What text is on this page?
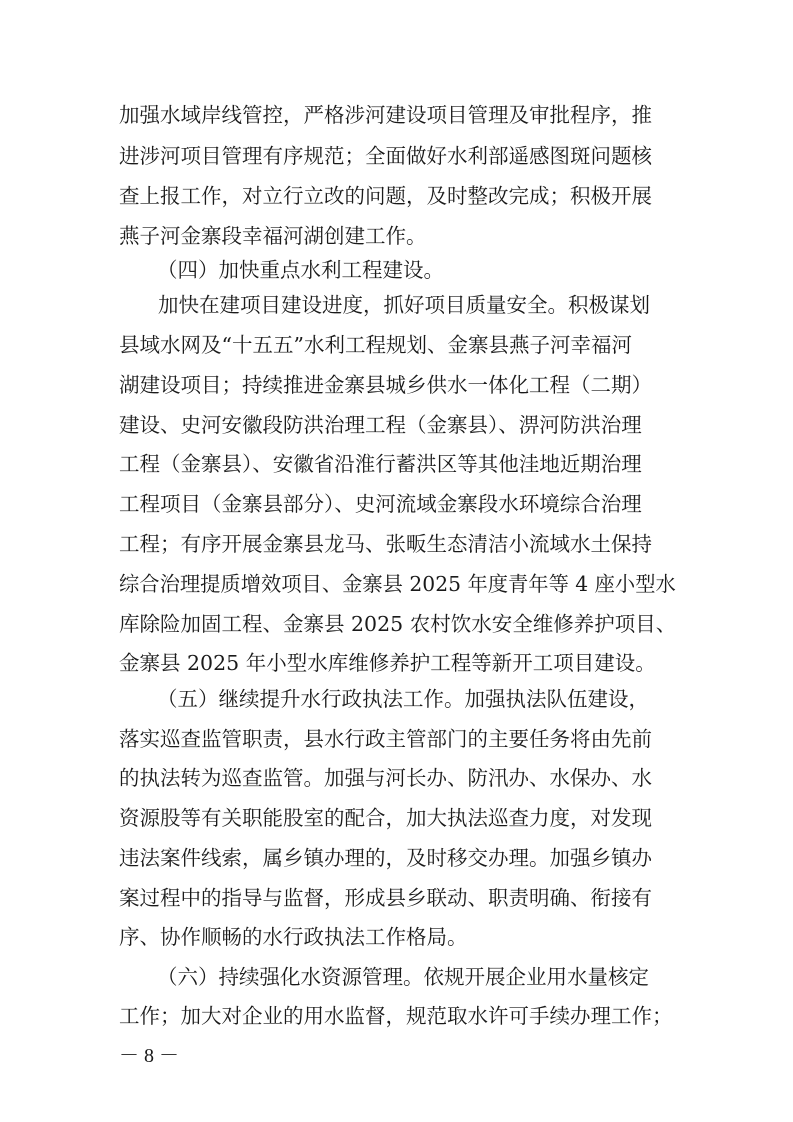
加强水域岸线管控，严格涉河建设项目管理及审批程序，推

进涉河项目管理有序规范；全面做好水利部遥感图斑问题核

查上报工作，对立行立改的问题，及时整改完成；积极开展

燕子河金寨段幸福河湖创建工作。

（四）加快重点水利工程建设。

加快在建项目建设进度，抓好项目质量安全。积极谋划

县域水网及“十五五”水利工程规划、金寨县燕子河幸福河

湖建设项目；持续推进金寨县城乡供水一体化工程（二期）

建设、史河安徽段防洪治理工程（金寨县）、淠河防洪治理

工程（金寨县）、安徽省沿淮行蓄洪区等其他洼地近期治理

工程项目（金寨县部分）、史河流域金寨段水环境综合治理

工程；有序开展金寨县龙马、张畈生态清洁小流域水土保持

综合治理提质增效项目、金寨县 2025 年度青年等 4 座小型水

库除险加固工程、金寨县 2025 农村饮水安全维修养护项目、

金寨县 2025 年小型水库维修养护工程等新开工项目建设。

（五）继续提升水行政执法工作。加强执法队伍建设，

落实巡查监管职责，县水行政主管部门的主要任务将由先前

的执法转为巡查监管。加强与河长办、防汛办、水保办、水

资源股等有关职能股室的配合，加大执法巡查力度，对发现

违法案件线索，属乡镇办理的，及时移交办理。加强乡镇办

案过程中的指导与监督，形成县乡联动、职责明确、衔接有

序、协作顺畅的水行政执法工作格局。

（六）持续强化水资源管理。依规开展企业用水量核定

工作；加大对企业的用水监督，规范取水许可手续办理工作；

－ 8 －
